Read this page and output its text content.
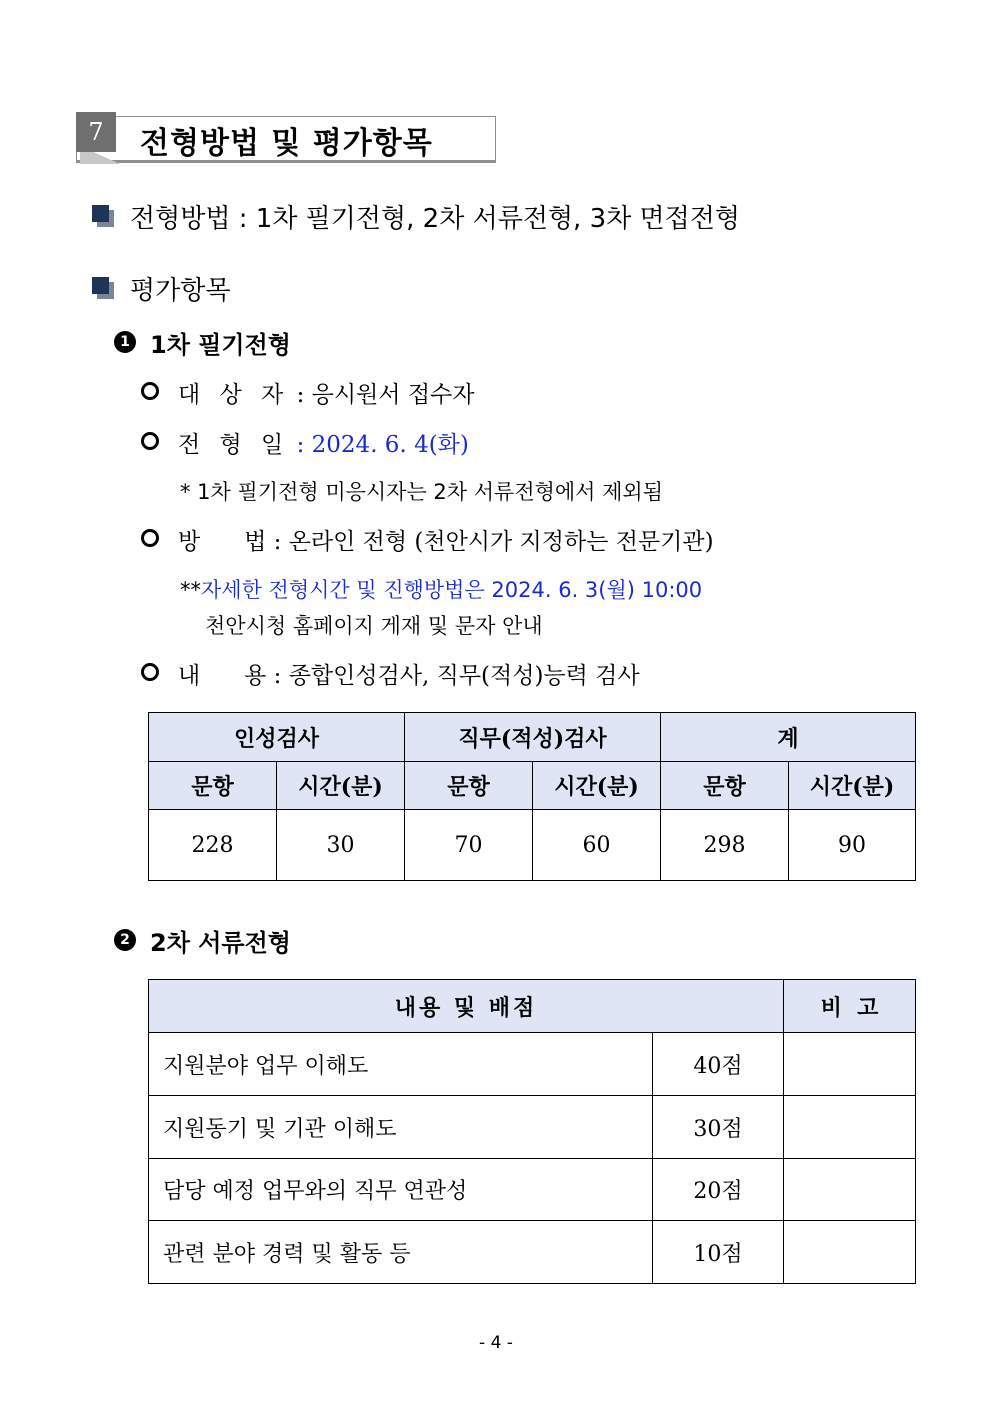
7	전형방법 및 평가항목
전형방법 : 1차 필기전형, 2차 서류전형, 3차 면접전형
평가항목
1 1차 필기전형
대 상 자 : 응시원서 접수자
전 형 일 : 2024. 6. 4(화)
* 1차 필기전형 미응시자는 2차 서류전형에서 제외됨
방      법 : 온라인 전형 (천안시가 지정하는 전문기관)
**자세한 전형시간 및 진행방법은 2024. 6. 3(월) 10:00
천안시청 홈페이지 게재 및 문자 안내
내      용 : 종합인성검사, 직무(적성)능력 검사
인성검사		직무(적성)검사		계	
문항	시간(분)	문항	시간(분)	문항	시간(분)
228	30	70	60	298	90
2 2차 서류전형
내용 및 배점		비  고
지원분야 업무 이해도	40점	
지원동기 및 기관 이해도	30점	
담당 예정 업무와의 직무 연관성	20점	
관련 분야 경력 및 활동 등	10점	
- 4 -
